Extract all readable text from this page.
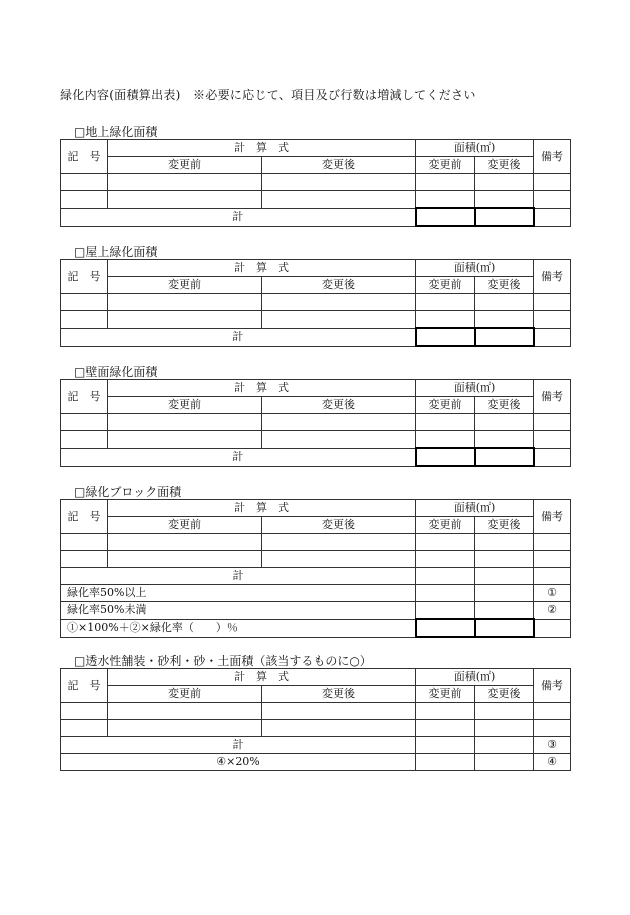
緑化内容(面積算出表)　※必要に応じて、項目及び行数は増減してください
□地上緑化面積
記　号	計　算　式		面積(㎡)		備考
	変更前	変更後	変更前	変更後	

計					
□屋上緑化面積
記　号	計　算　式		面積(㎡)		備考
	変更前	変更後	変更前	変更後	

計					
□壁面緑化面積
記　号	計　算　式		面積(㎡)		備考
	変更前	変更後	変更前	変更後	

計					
□緑化ブロック面積
記　号	計　算　式		面積(㎡)		備考
	変更前	変更後	変更前	変更後	

計					
緑化率50%以上					①
緑化率50%未満					②
①×100%＋②×緑化率（　　）％					
□透水性舗装・砂利・砂・土面積（該当するものに○）
記　号	計　算　式		面積(㎡)		備考
	変更前	変更後	変更前	変更後	

計					③
④×20%					④
